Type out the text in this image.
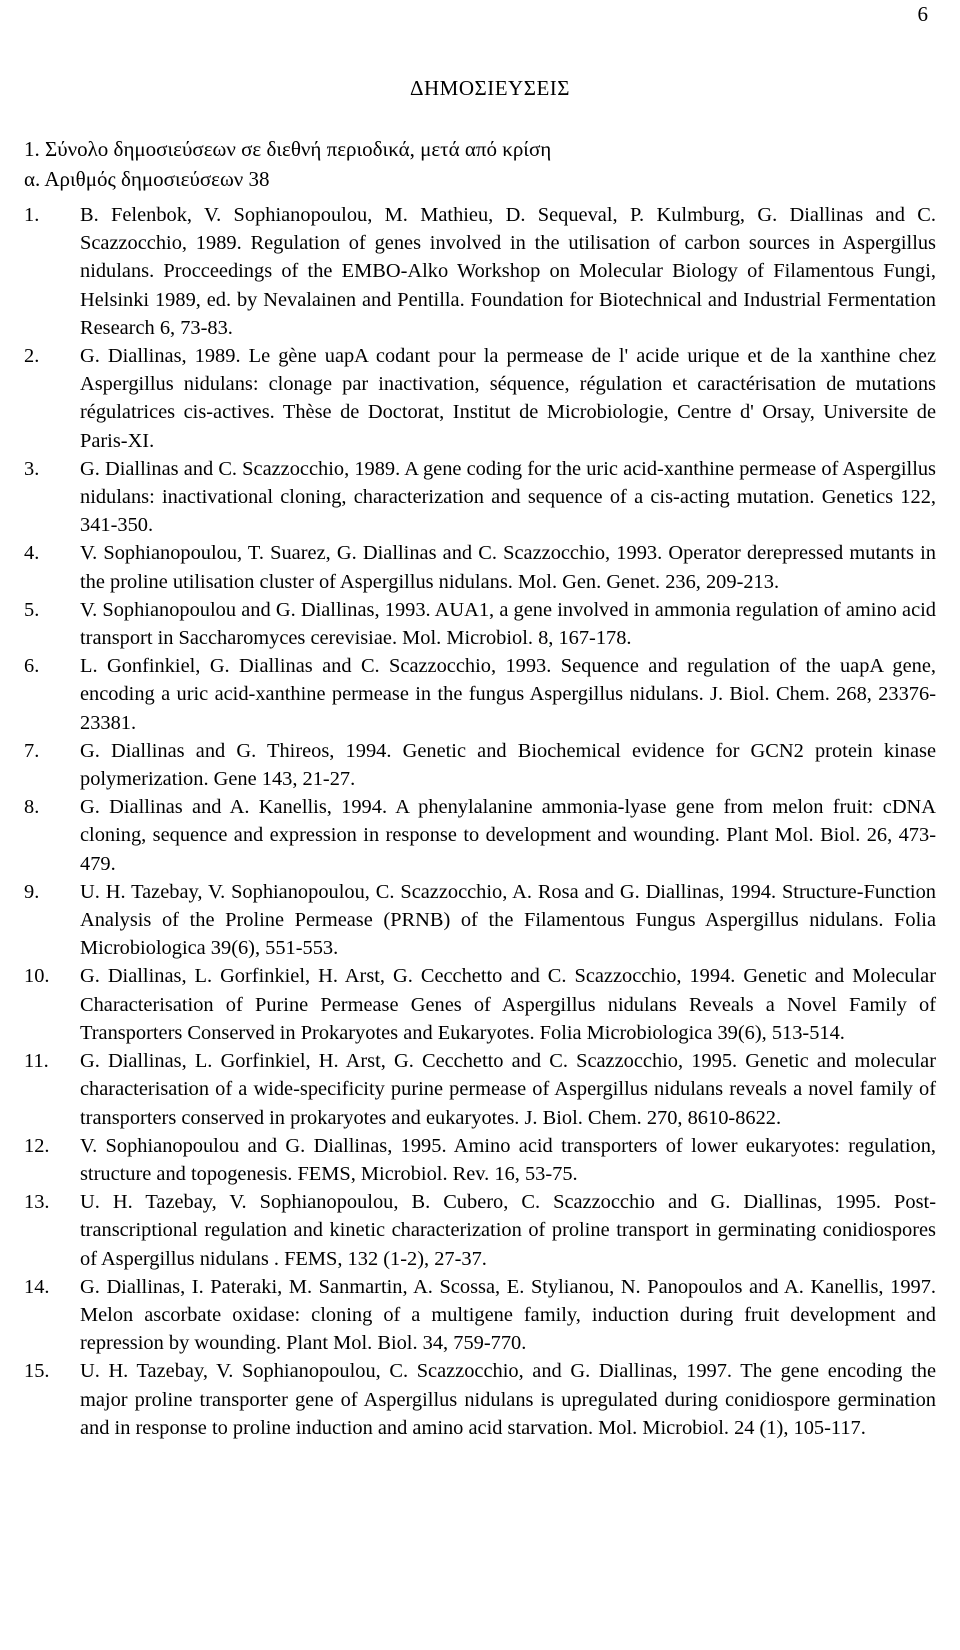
6
ΔΗΜΟΣΙΕΥΣΕΙΣ
1. Σύνολο δημοσιεύσεων σε διεθνή περιοδικά, μετά από κρίση
α. Αριθμός δημοσιεύσεων 38
1. B. Felenbok, V. Sophianopoulou, M. Mathieu, D. Sequeval, P. Kulmburg, G. Diallinas and C. Scazzocchio, 1989. Regulation of genes involved in the utilisation of carbon sources in Aspergillus nidulans. Procceedings of the EMBO-Alko Workshop on Molecular Biology of Filamentous Fungi, Helsinki 1989, ed. by Nevalainen and Pentilla. Foundation for Biotechnical and Industrial Fermentation Research 6, 73-83.
2. G. Diallinas, 1989. Le gène uapA codant pour la permease de l' acide urique et de la xanthine chez Aspergillus nidulans: clonage par inactivation, séquence, régulation et caractérisation de mutations régulatrices cis-actives. Thèse de Doctorat, Institut de Microbiologie, Centre d' Orsay, Universite de Paris-XI.
3. G. Diallinas and C. Scazzocchio, 1989. A gene coding for the uric acid-xanthine permease of Aspergillus nidulans: inactivational cloning, characterization and sequence of a cis-acting mutation. Genetics 122, 341-350.
4. V. Sophianopoulou, T. Suarez, G. Diallinas and C. Scazzocchio, 1993. Operator derepressed mutants in the proline utilisation cluster of Aspergillus nidulans. Mol. Gen. Genet. 236, 209-213.
5. V. Sophianopoulou and G. Diallinas, 1993. AUA1, a gene involved in ammonia regulation of amino acid transport in Saccharomyces cerevisiae. Mol. Microbiol. 8, 167-178.
6. L. Gonfinkiel, G. Diallinas and C. Scazzocchio, 1993. Sequence and regulation of the uapA gene, encoding a uric acid-xanthine permease in the fungus Aspergillus nidulans. J. Biol. Chem. 268, 23376-23381.
7. G. Diallinas and G. Thireos, 1994. Genetic and Biochemical evidence for GCN2 protein kinase polymerization. Gene 143, 21-27.
8. G. Diallinas and A. Kanellis, 1994. A phenylalanine ammonia-lyase gene from melon fruit: cDNA cloning, sequence and expression in response to development and wounding. Plant Mol. Biol. 26, 473-479.
9. U. H. Tazebay, V. Sophianopoulou, C. Scazzocchio, A. Rosa and G. Diallinas, 1994. Structure-Function Analysis of the Proline Permease (PRNB) of the Filamentous Fungus Aspergillus nidulans. Folia Microbiologica 39(6), 551-553.
10. G. Diallinas, L. Gorfinkiel, H. Arst, G. Cecchetto and C. Scazzocchio, 1994. Genetic and Molecular Characterisation of Purine Permease Genes of Aspergillus nidulans Reveals a Novel Family of Transporters Conserved in Prokaryotes and Eukaryotes. Folia Microbiologica 39(6), 513-514.
11. G. Diallinas, L. Gorfinkiel, H. Arst, G. Cecchetto and C. Scazzocchio, 1995. Genetic and molecular characterisation of a wide-specificity purine permease of Aspergillus nidulans reveals a novel family of transporters conserved in prokaryotes and eukaryotes. J. Biol. Chem. 270, 8610-8622.
12. V. Sophianopoulou and G. Diallinas, 1995. Amino acid transporters of lower eukaryotes: regulation, structure and topogenesis. FEMS, Microbiol. Rev. 16, 53-75.
13. U. H. Tazebay, V. Sophianopoulou, B. Cubero, C. Scazzocchio and G. Diallinas, 1995. Post-transcriptional regulation and kinetic characterization of proline transport in germinating conidiospores of Aspergillus nidulans . FEMS, 132 (1-2), 27-37.
14. G. Diallinas, I. Pateraki, M. Sanmartin, A. Scossa, E. Stylianou, N. Panopoulos and A. Kanellis, 1997. Melon ascorbate oxidase: cloning of a multigene family, induction during fruit development and repression by wounding. Plant Mol. Biol. 34, 759-770.
15. U. H. Tazebay, V. Sophianopoulou, C. Scazzocchio, and G. Diallinas, 1997. The gene encoding the major proline transporter gene of Aspergillus nidulans is upregulated during conidiospore germination and in response to proline induction and amino acid starvation. Mol. Microbiol. 24 (1), 105-117.
